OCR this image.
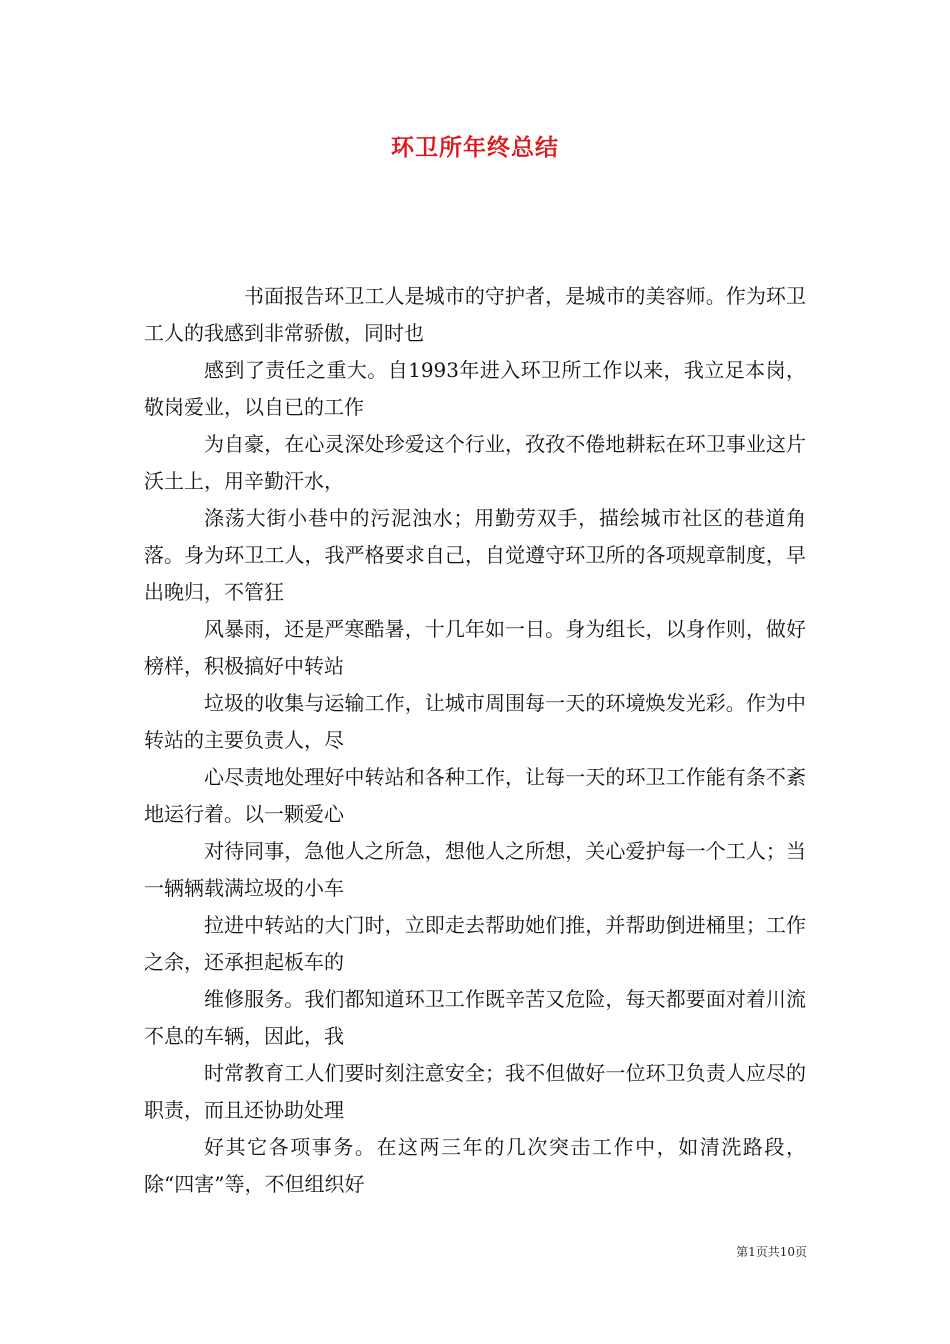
环卫所年终总结

书面报告环卫工人是城市的守护者，是城市的美容师。作为环卫工人的我感到非常骄傲，同时也

感到了责任之重大。自1993年进入环卫所工作以来，我立足本岗，敬岗爱业，以自已的工作

为自豪，在心灵深处珍爱这个行业，孜孜不倦地耕耘在环卫事业这片沃土上，用辛勤汗水，

涤荡大街小巷中的污泥浊水；用勤劳双手，描绘城市社区的巷道角落。身为环卫工人，我严格要求自己，自觉遵守环卫所的各项规章制度，早出晚归，不管狂

风暴雨，还是严寒酷暑，十几年如一日。身为组长，以身作则，做好榜样，积极搞好中转站

垃圾的收集与运输工作，让城市周围每一天的环境焕发光彩。作为中转站的主要负责人，尽

心尽责地处理好中转站和各种工作，让每一天的环卫工作能有条不紊地运行着。以一颗爱心

对待同事，急他人之所急，想他人之所想，关心爱护每一个工人；当一辆辆载满垃圾的小车

拉进中转站的大门时，立即走去帮助她们推，并帮助倒进桶里；工作之余，还承担起板车的

维修服务。我们都知道环卫工作既辛苦又危险，每天都要面对着川流不息的车辆，因此，我

时常教育工人们要时刻注意安全；我不但做好一位环卫负责人应尽的职责，而且还协助处理

好其它各项事务。在这两三年的几次突击工作中，如清洗路段，除“四害”等，不但组织好

第1页共10页
